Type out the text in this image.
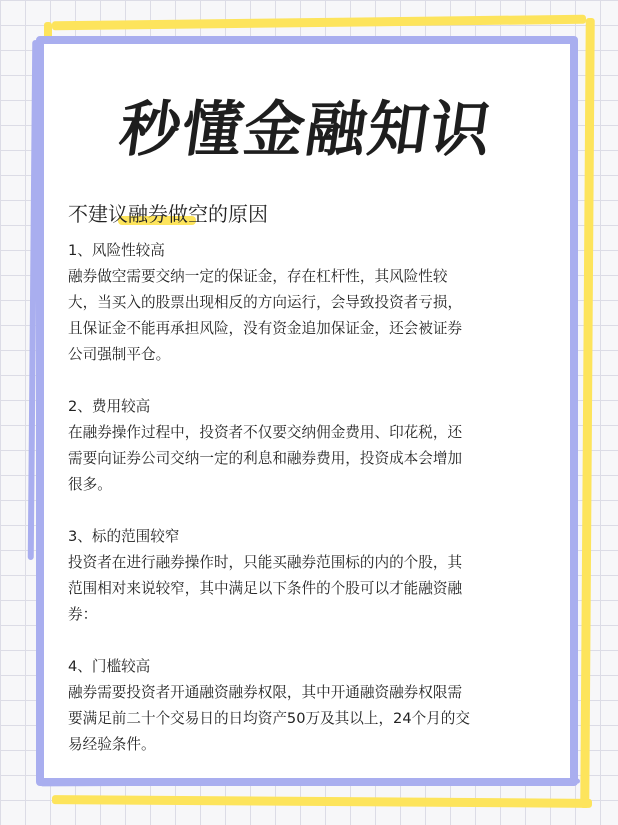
秒懂金融知识
不建议融券做空的原因
1、风险性较高

融券做空需要交纳一定的保证金，存在杠杆性，其风险性较

大，当买入的股票出现相反的方向运行，会导致投资者亏损，

且保证金不能再承担风险，没有资金追加保证金，还会被证券

公司强制平仓。

2、费用较高

在融券操作过程中，投资者不仅要交纳佣金费用、印花税，还

需要向证券公司交纳一定的利息和融券费用，投资成本会增加

很多。

3、标的范围较窄

投资者在进行融券操作时，只能买融券范围标的内的个股，其

范围相对来说较窄，其中满足以下条件的个股可以才能融资融

券：

4、门槛较高

融券需要投资者开通融资融券权限，其中开通融资融券权限需

要满足前二十个交易日的日均资产50万及其以上，24个月的交

易经验条件。
